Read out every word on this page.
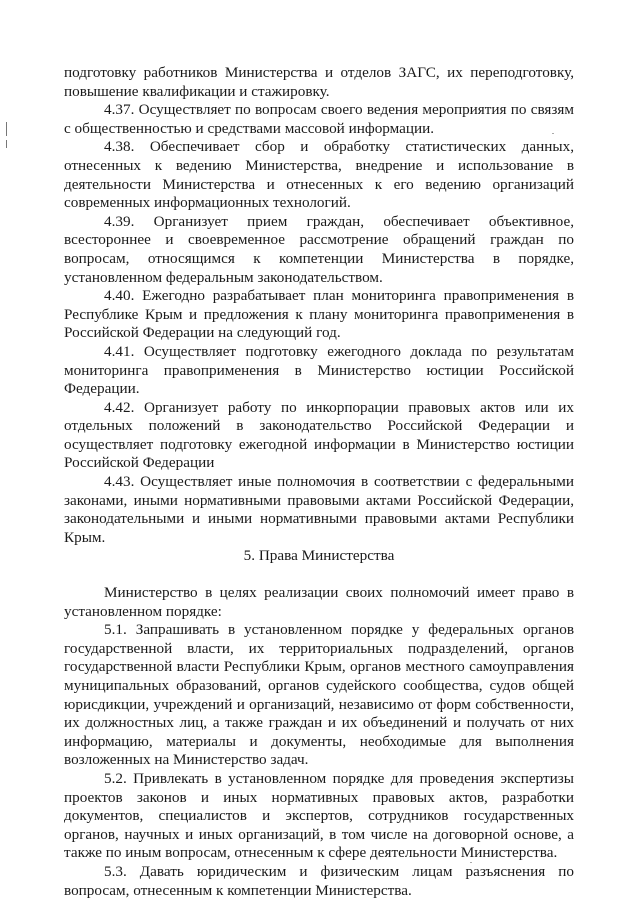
подготовку работников Министерства и отделов ЗАГС, их переподготовку, повышение квалификации и стажировку.

4.37. Осуществляет по вопросам своего ведения мероприятия по связям с общественностью и средствами массовой информации.

4.38. Обеспечивает сбор и обработку статистических данных, отнесенных к ведению Министерства, внедрение и использование в деятельности Министерства и отнесенных к его ведению организаций современных информационных технологий.

4.39. Организует прием граждан, обеспечивает объективное, всестороннее и своевременное рассмотрение обращений граждан по вопросам, относящимся к компетенции Министерства в порядке, установленном федеральным законодательством.

4.40. Ежегодно разрабатывает план мониторинга правоприменения в Республике Крым и предложения к плану мониторинга правоприменения в Российской Федерации на следующий год.

4.41. Осуществляет подготовку ежегодного доклада по результатам мониторинга правоприменения в Министерство юстиции Российской Федерации.

4.42. Организует работу по инкорпорации правовых актов или их отдельных положений в законодательство Российской Федерации и осуществляет подготовку ежегодной информации в Министерство юстиции Российской Федерации

4.43. Осуществляет иные полномочия в соответствии с федеральными законами, иными нормативными правовыми актами Российской Федерации, законодательными и иными нормативными правовыми актами Республики Крым.

5. Права Министерства

Министерство в целях реализации своих полномочий имеет право в установленном порядке:

5.1. Запрашивать в установленном порядке у федеральных органов государственной власти, их территориальных подразделений, органов государственной власти Республики Крым, органов местного самоуправления муниципальных образований, органов судейского сообщества, судов общей юрисдикции, учреждений и организаций, независимо от форм собственности, их должностных лиц, а также граждан и их объединений и получать от них информацию, материалы и документы, необходимые для выполнения возложенных на Министерство задач.

5.2. Привлекать в установленном порядке для проведения экспертизы проектов законов и иных нормативных правовых актов, разработки документов, специалистов и экспертов, сотрудников государственных органов, научных и иных организаций, в том числе на договорной основе, а также по иным вопросам, отнесенным к сфере деятельности Министерства.

5.3. Давать юридическим и физическим лицам разъяснения по вопросам, отнесенным к компетенции Министерства.
